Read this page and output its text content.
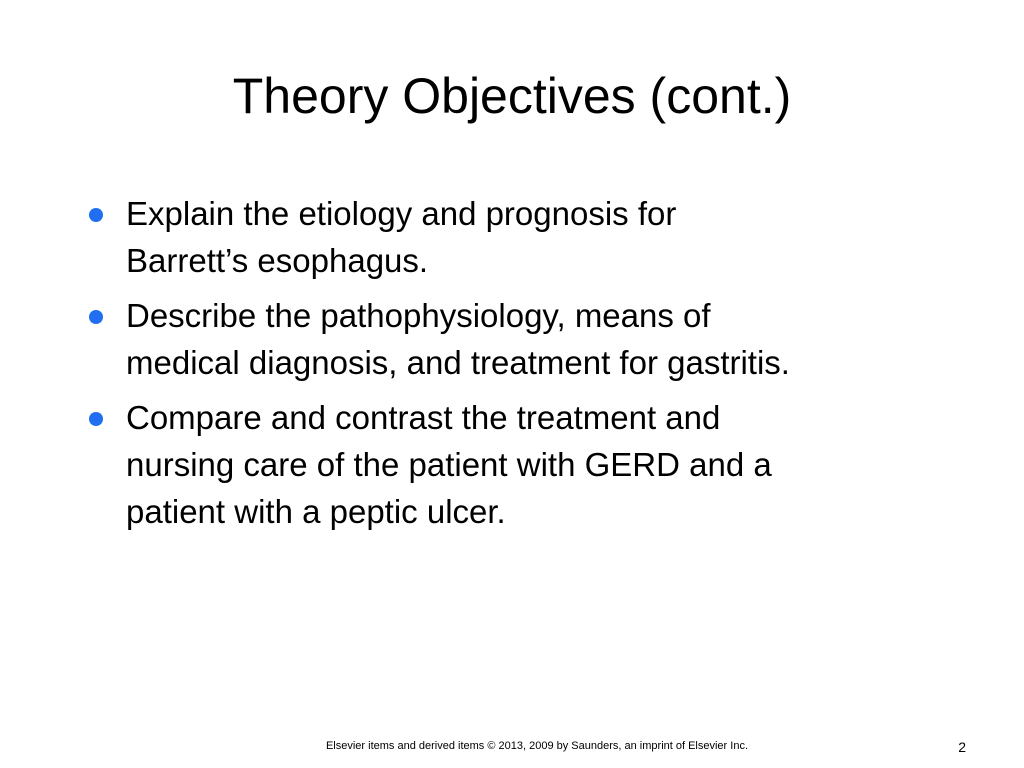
Theory Objectives (cont.)
Explain the etiology and prognosis for
Barrett’s esophagus.
Describe the pathophysiology, means of
medical diagnosis, and treatment for gastritis.
Compare and contrast the treatment and
nursing care of the patient with GERD and a
patient with a peptic ulcer.
Elsevier items and derived items © 2013, 2009 by Saunders, an imprint of Elsevier Inc.	2
